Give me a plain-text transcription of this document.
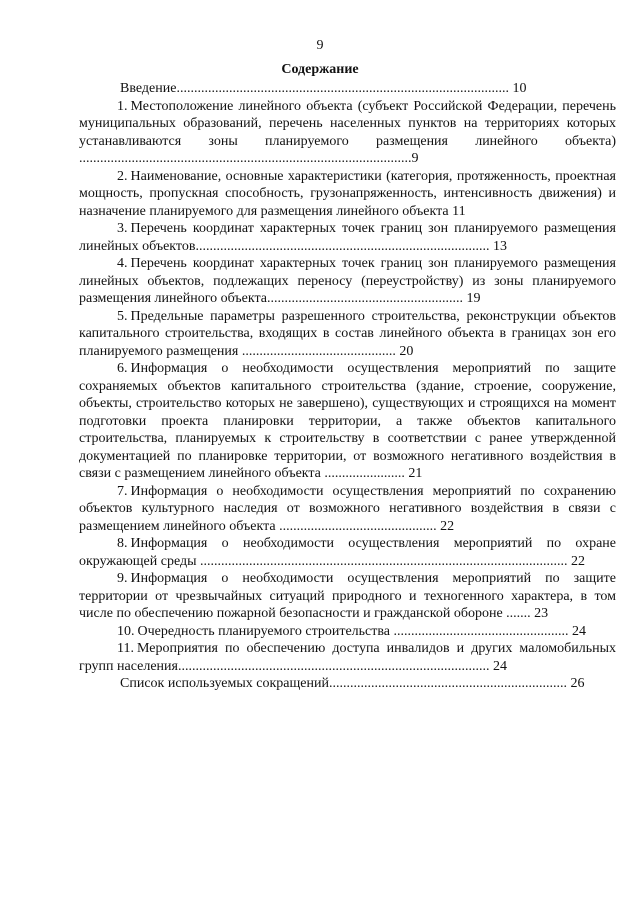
9
Содержание
Введение............................................................................................... 10
1. Местоположение линейного объекта (субъект Российской Федерации, перечень муниципальных образований, перечень населенных пунктов на территориях которых устанавливаются зоны планируемого размещения линейного объекта) ...............................................................................................9
2. Наименование, основные характеристики (категория, протяженность, проектная мощность, пропускная способность, грузонапряженность, интенсивность движения) и назначение планируемого для размещения линейного объекта 11
3. Перечень координат характерных точек границ зон планируемого размещения линейных объектов.................................................................................... 13
4. Перечень координат характерных точек границ зон планируемого размещения линейных объектов, подлежащих переносу (переустройству) из зоны планируемого размещения линейного объекта........................................................ 19
5. Предельные параметры разрешенного строительства, реконструкции объектов капитального строительства, входящих в состав линейного объекта в границах зон его планируемого размещения ............................................ 20
6. Информация о необходимости осуществления мероприятий по защите сохраняемых объектов капитального строительства (здание, строение, сооружение, объекты, строительство которых не завершено), существующих и строящихся на момент подготовки проекта планировки территории, а также объектов капитального строительства, планируемых к строительству в соответствии с ранее утвержденной документацией по планировке территории, от возможного негативного воздействия в связи с размещением линейного объекта ....................... 21
7. Информация о необходимости осуществления мероприятий по сохранению объектов культурного наследия от возможного негативного воздействия в связи с размещением линейного объекта ............................................. 22
8. Информация о необходимости осуществления мероприятий по охране окружающей среды ......................................................................................................... 22
9. Информация о необходимости осуществления мероприятий по защите территории от чрезвычайных ситуаций природного и техногенного характера, в том числе по обеспечению пожарной безопасности и гражданской обороне ....... 23
10. Очередность планируемого строительства .................................................. 24
11. Мероприятия по обеспечению доступа инвалидов и других маломобильных групп населения......................................................................................... 24
Список используемых сокращений.................................................................... 26
